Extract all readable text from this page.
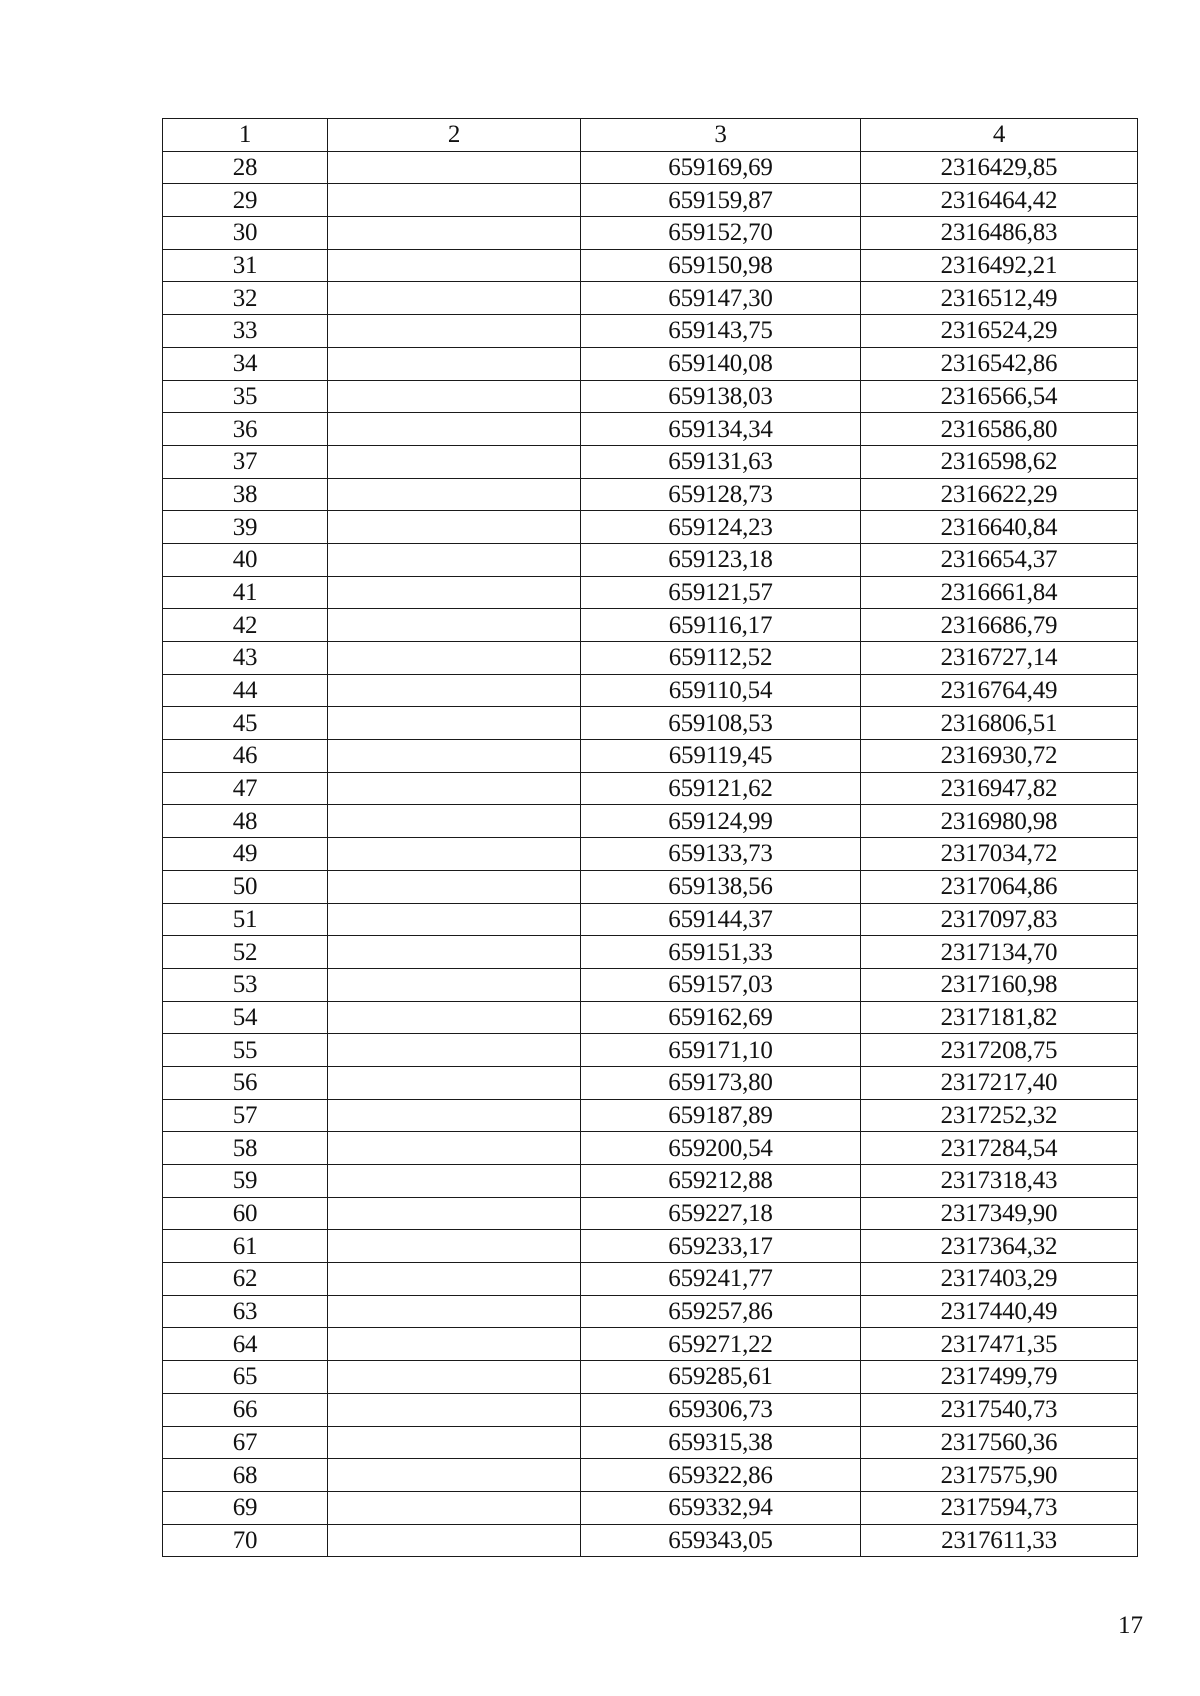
1	2	3	4
28		659169,69	2316429,85
29		659159,87	2316464,42
30		659152,70	2316486,83
31		659150,98	2316492,21
32		659147,30	2316512,49
33		659143,75	2316524,29
34		659140,08	2316542,86
35		659138,03	2316566,54
36		659134,34	2316586,80
37		659131,63	2316598,62
38		659128,73	2316622,29
39		659124,23	2316640,84
40		659123,18	2316654,37
41		659121,57	2316661,84
42		659116,17	2316686,79
43		659112,52	2316727,14
44		659110,54	2316764,49
45		659108,53	2316806,51
46		659119,45	2316930,72
47		659121,62	2316947,82
48		659124,99	2316980,98
49		659133,73	2317034,72
50		659138,56	2317064,86
51		659144,37	2317097,83
52		659151,33	2317134,70
53		659157,03	2317160,98
54		659162,69	2317181,82
55		659171,10	2317208,75
56		659173,80	2317217,40
57		659187,89	2317252,32
58		659200,54	2317284,54
59		659212,88	2317318,43
60		659227,18	2317349,90
61		659233,17	2317364,32
62		659241,77	2317403,29
63		659257,86	2317440,49
64		659271,22	2317471,35
65		659285,61	2317499,79
66		659306,73	2317540,73
67		659315,38	2317560,36
68		659322,86	2317575,90
69		659332,94	2317594,73
70		659343,05	2317611,33
17
